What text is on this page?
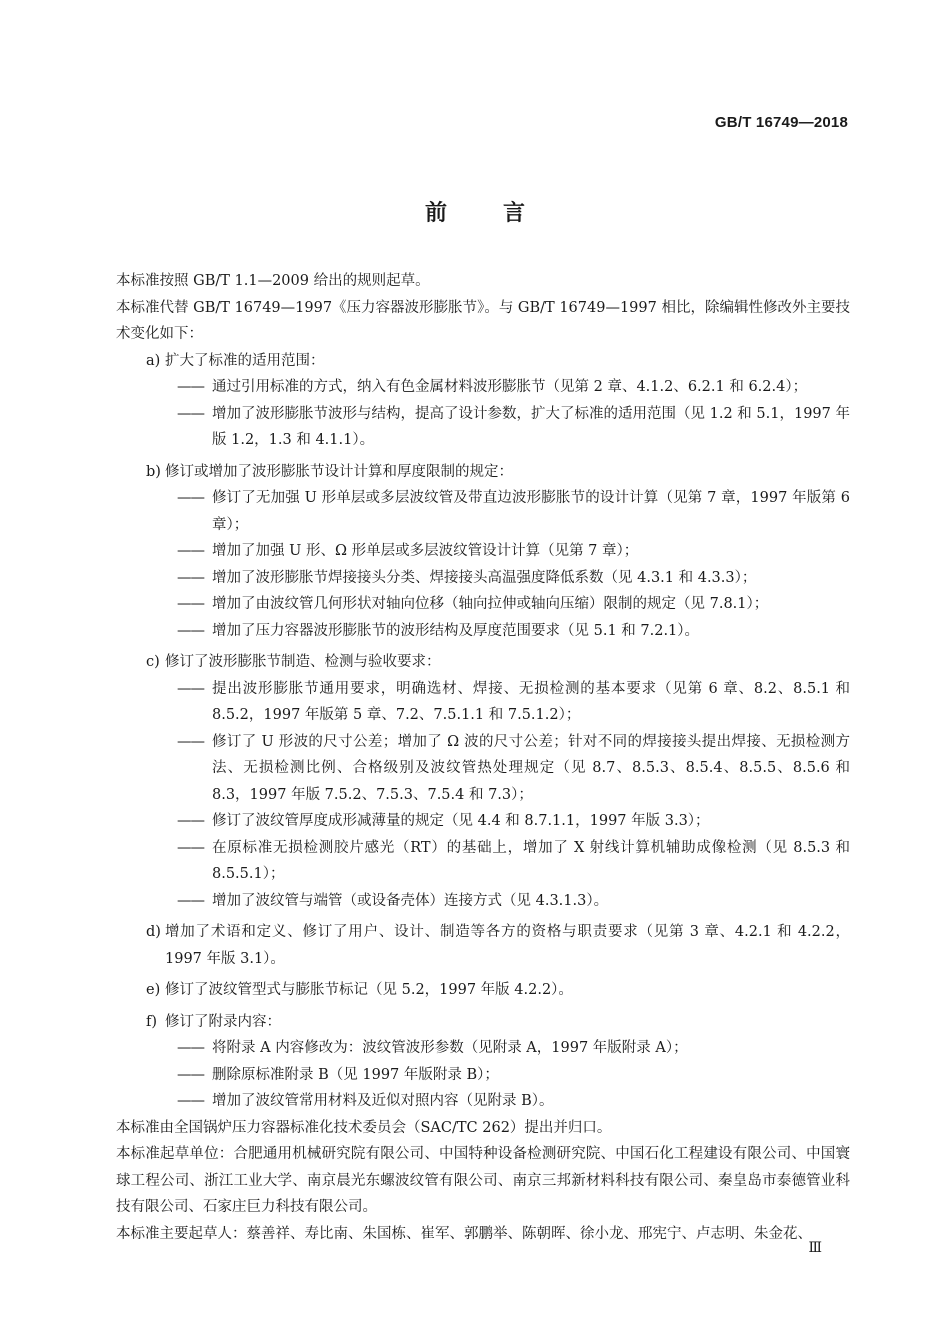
GB/T 16749—2018
前	言

本标准按照 GB/T 1.1—2009 给出的规则起草。

本标准代替 GB/T 16749—1997《压力容器波形膨胀节》。与 GB/T 16749—1997 相比，除编辑性修改外主要技术变化如下：

a) 扩大了标准的适用范围：
—— 通过引用标准的方式，纳入有色金属材料波形膨胀节（见第 2 章、4.1.2、6.2.1 和 6.2.4）；
—— 增加了波形膨胀节波形与结构，提高了设计参数，扩大了标准的适用范围（见 1.2 和 5.1，1997 年版 1.2，1.3 和 4.1.1）。
b) 修订或增加了波形膨胀节设计计算和厚度限制的规定：
—— 修订了无加强 U 形单层或多层波纹管及带直边波形膨胀节的设计计算（见第 7 章，1997 年版第 6 章）；
—— 增加了加强 U 形、Ω 形单层或多层波纹管设计计算（见第 7 章）；
—— 增加了波形膨胀节焊接接头分类、焊接接头高温强度降低系数（见 4.3.1 和 4.3.3）；
—— 增加了由波纹管几何形状对轴向位移（轴向拉伸或轴向压缩）限制的规定（见 7.8.1）；
—— 增加了压力容器波形膨胀节的波形结构及厚度范围要求（见 5.1 和 7.2.1）。
c) 修订了波形膨胀节制造、检测与验收要求：
—— 提出波形膨胀节通用要求，明确选材、焊接、无损检测的基本要求（见第 6 章、8.2、8.5.1 和 8.5.2，1997 年版第 5 章、7.2、7.5.1.1 和 7.5.1.2）；
—— 修订了 U 形波的尺寸公差；增加了 Ω 波的尺寸公差；针对不同的焊接接头提出焊接、无损检测方法、无损检测比例、合格级别及波纹管热处理规定（见 8.7、8.5.3、8.5.4、8.5.5、8.5.6 和 8.3，1997 年版 7.5.2、7.5.3、7.5.4 和 7.3）；
—— 修订了波纹管厚度成形减薄量的规定（见 4.4 和 8.7.1.1，1997 年版 3.3）；
—— 在原标准无损检测胶片感光（RT）的基础上，增加了 X 射线计算机辅助成像检测（见 8.5.3 和 8.5.5.1）；
—— 增加了波纹管与端管（或设备壳体）连接方式（见 4.3.1.3）。
d) 增加了术语和定义、修订了用户、设计、制造等各方的资格与职责要求（见第 3 章、4.2.1 和 4.2.2，1997 年版 3.1）。
e) 修订了波纹管型式与膨胀节标记（见 5.2，1997 年版 4.2.2）。
f) 修订了附录内容：
—— 将附录 A 内容修改为：波纹管波形参数（见附录 A，1997 年版附录 A）；
—— 删除原标准附录 B（见 1997 年版附录 B）；
—— 增加了波纹管常用材料及近似对照内容（见附录 B）。

本标准由全国锅炉压力容器标准化技术委员会（SAC/TC 262）提出并归口。

本标准起草单位：合肥通用机械研究院有限公司、中国特种设备检测研究院、中国石化工程建设有限公司、中国寰球工程公司、浙江工业大学、南京晨光东螺波纹管有限公司、南京三邦新材料科技有限公司、秦皇岛市泰德管业科技有限公司、石家庄巨力科技有限公司。

本标准主要起草人：蔡善祥、寿比南、朱国栋、崔军、郭鹏举、陈朝晖、徐小龙、邢宪宁、卢志明、朱金花、

Ⅲ
